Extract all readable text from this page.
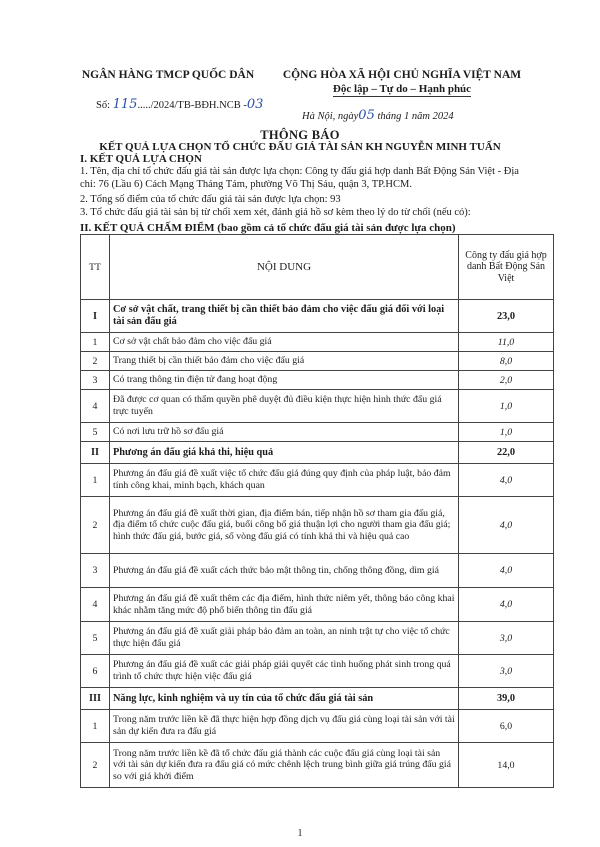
NGÂN HÀNG TMCP QUỐC DÂN	CỘNG HÒA XÃ HỘI CHỦ NGHĨA VIỆT NAM
Độc lập – Tự do – Hạnh phúc
Số: 115...../2024/TB-BĐH.NCB -03
Hà Nội, ngày05 tháng 1 năm 2024
THÔNG BÁO
KẾT QUẢ LỰA CHỌN TỔ CHỨC ĐẤU GIÁ TÀI SẢN KH NGUYỄN MINH TUẤN
I. KẾT QUẢ LỰA CHỌN
1. Tên, địa chỉ tổ chức đấu giá tài sản được lựa chọn: Công ty đấu giá hợp danh Bất Động Sản Việt - Địa chỉ: 76 (Lầu 6) Cách Mạng Tháng Tám, phường Võ Thị Sáu, quận 3, TP.HCM.
2. Tổng số điểm của tổ chức đấu giá tài sản được lựa chọn: 93
3. Tổ chức đấu giá tài sản bị từ chối xem xét, đánh giá hồ sơ kèm theo lý do từ chối (nếu có):
II. KẾT QUẢ CHẤM ĐIỂM (bao gồm cả tổ chức đấu giá tài sản được lựa chọn)
TT	NỘI DUNG	Công ty đấu giá hợp danh Bất Động Sản Việt
I	Cơ sở vật chất, trang thiết bị cần thiết bảo đảm cho việc đấu giá đối với loại tài sản đấu giá	23,0
1	Cơ sở vật chất bảo đảm cho việc đấu giá	11,0
2	Trang thiết bị cần thiết bảo đảm cho việc đấu giá	8,0
3	Có trang thông tin điện tử đang hoạt động	2,0
4	Đã được cơ quan có thẩm quyền phê duyệt đủ điều kiện thực hiện hình thức đấu giá trực tuyến	1,0
5	Có nơi lưu trữ hồ sơ đấu giá	1,0
II	Phương án đấu giá khả thi, hiệu quả	22,0
1	Phương án đấu giá đề xuất việc tổ chức đấu giá đúng quy định của pháp luật, bảo đảm tính công khai, minh bạch, khách quan	4,0
2	Phương án đấu giá đề xuất thời gian, địa điểm bán, tiếp nhận hồ sơ tham gia đấu giá, địa điểm tổ chức cuộc đấu giá, buổi công bố giá thuận lợi cho người tham gia đấu giá; hình thức đấu giá, bước giá, số vòng đấu giá có tính khả thi và hiệu quả cao	4,0
3	Phương án đấu giá đề xuất cách thức bảo mật thông tin, chống thông đồng, dìm giá	4,0
4	Phương án đấu giá đề xuất thêm các địa điểm, hình thức niêm yết, thông báo công khai khác nhằm tăng mức độ phổ biến thông tin đấu giá	4,0
5	Phương án đấu giá đề xuất giải pháp bảo đảm an toàn, an ninh trật tự cho việc tổ chức thực hiện đấu giá	3,0
6	Phương án đấu giá đề xuất các giải pháp giải quyết các tình huống phát sinh trong quá trình tổ chức thực hiện việc đấu giá	3,0
III	Năng lực, kinh nghiệm và uy tín của tổ chức đấu giá tài sản	39,0
1	Trong năm trước liền kề đã thực hiện hợp đồng dịch vụ đấu giá cùng loại tài sản với tài sản dự kiến đưa ra đấu giá	6,0
2	Trong năm trước liền kề đã tổ chức đấu giá thành các cuộc đấu giá cùng loại tài sản với tài sản dự kiến đưa ra đấu giá có mức chênh lệch trung bình giữa giá trúng đấu giá so với giá khởi điểm	14,0
1
